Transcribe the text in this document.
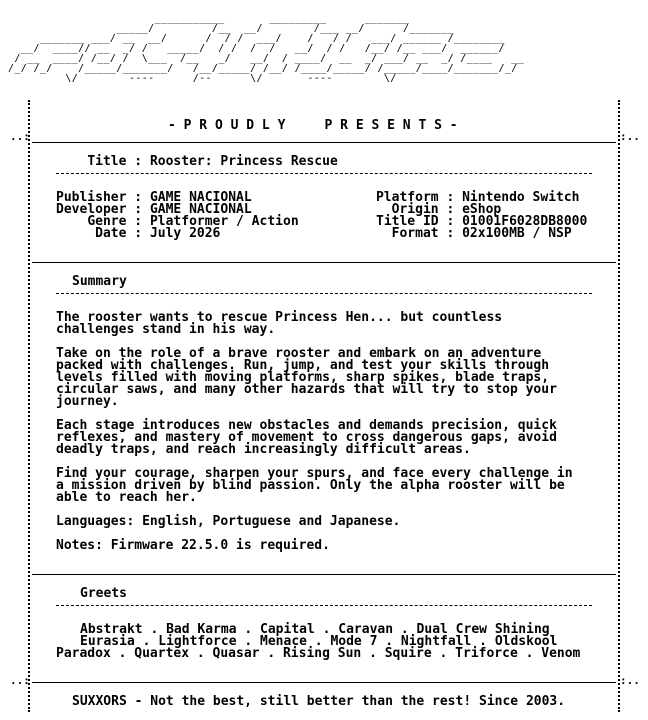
___________       _________      _______
_____/         /__  __/        /___ __/      /_______
_______ ___/ __  __/      /  / /  ___/    /   / /   ___/ ______ /________
__/  ____// __  _/ /   _____/  / /  /  /   __/  / /   /__/ /__ ___/  ______/
/ __  ____/ /__/ /  \___  /__   _/   __/  / ____/  __  _/ ___/ __  _/ /____   __
/_/ /_/    /_____/_______/   /__/_____/ /__/ /____/_____/ /_____/____/_______/_/
\/        ----      /--      \/       ----        \/

..:	:..
..:	:..
- P R O U D L Y     P R E S E N T S -
Title : Rooster: Princess Rescue
Publisher : GAME NACIONAL
Developer : GAME NACIONAL
Genre : Platformer / Action
Date : July 2026
Platform : Nintendo Switch
Origin : eShop
Title ID : 01001F6028DB8000
Format : 02x100MB / NSP
Summary
The rooster wants to rescue Princess Hen... but countless
challenges stand in his way.
Take on the role of a brave rooster and embark on an adventure
packed with challenges. Run, jump, and test your skills through
levels filled with moving platforms, sharp spikes, blade traps,
circular saws, and many other hazards that will try to stop your
journey.
Each stage introduces new obstacles and demands precision, quick
reflexes, and mastery of movement to cross dangerous gaps, avoid
deadly traps, and reach increasingly difficult areas.
Find your courage, sharpen your spurs, and face every challenge in
a mission driven by blind passion. Only the alpha rooster will be
able to reach her.
Languages: English, Portuguese and Japanese.
Notes: Firmware 22.5.0 is required.
Greets
Abstrakt . Bad Karma . Capital . Caravan . Dual Crew Shining
Eurasia . Lightforce . Menace . Mode 7 . Nightfall . Oldskool
Paradox . Quartex . Quasar . Rising Sun . Squire . Triforce . Venom
SUXXORS - Not the best, still better than the rest! Since 2003.
